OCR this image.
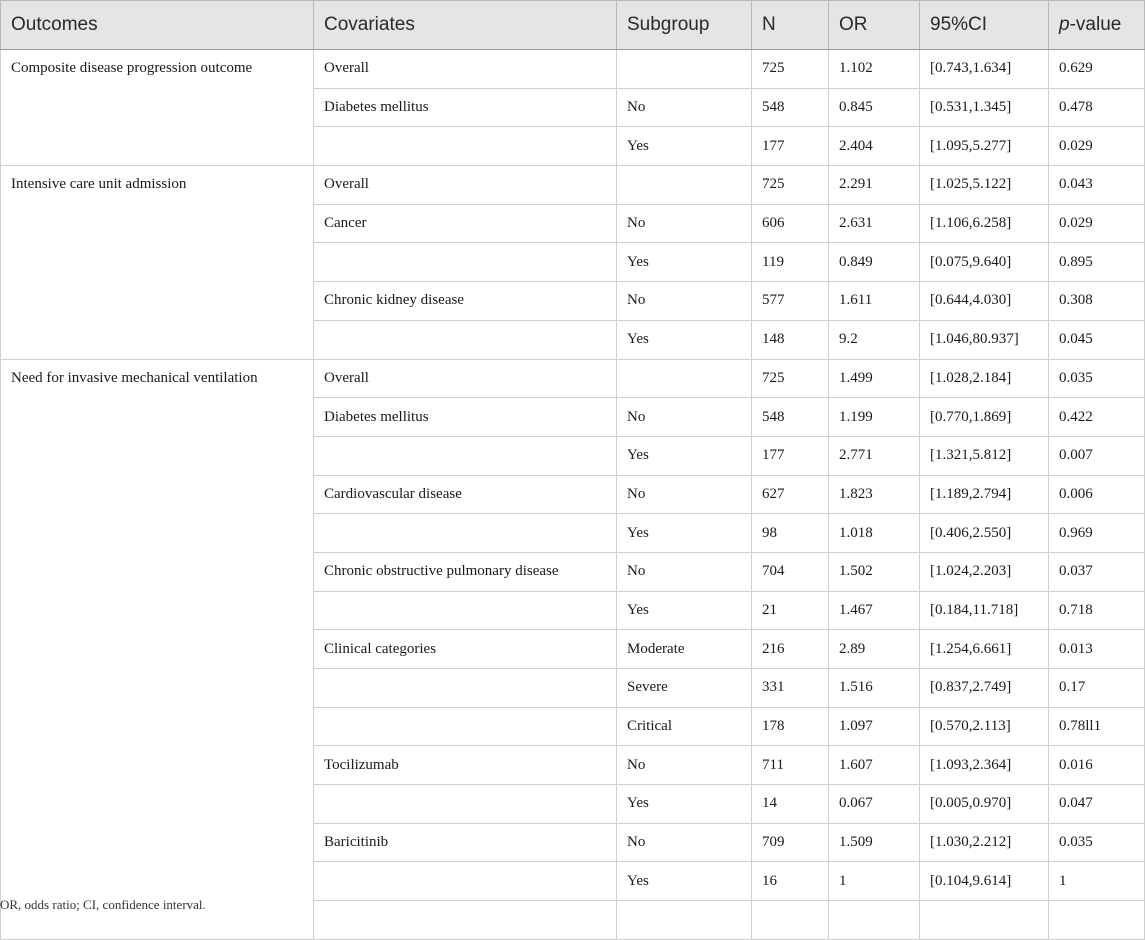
Outcomes	Covariates	Subgroup	N	OR	95%CI	p-value
Composite disease progression outcome	Overall		725	1.102	[0.743,1.634]	0.629
	Diabetes mellitus	No	548	0.845	[0.531,1.345]	0.478
		Yes	177	2.404	[1.095,5.277]	0.029
Intensive care unit admission	Overall		725	2.291	[1.025,5.122]	0.043
	Cancer	No	606	2.631	[1.106,6.258]	0.029
		Yes	119	0.849	[0.075,9.640]	0.895
	Chronic kidney disease	No	577	1.611	[0.644,4.030]	0.308
		Yes	148	9.2	[1.046,80.937]	0.045
Need for invasive mechanical ventilation	Overall		725	1.499	[1.028,2.184]	0.035
	Diabetes mellitus	No	548	1.199	[0.770,1.869]	0.422
		Yes	177	2.771	[1.321,5.812]	0.007
	Cardiovascular disease	No	627	1.823	[1.189,2.794]	0.006
		Yes	98	1.018	[0.406,2.550]	0.969
	Chronic obstructive pulmonary disease	No	704	1.502	[1.024,2.203]	0.037
		Yes	21	1.467	[0.184,11.718]	0.718
	Clinical categories	Moderate	216	2.89	[1.254,6.661]	0.013
		Severe	331	1.516	[0.837,2.749]	0.17
		Critical	178	1.097	[0.570,2.113]	0.78ll1
	Tocilizumab	No	711	1.607	[1.093,2.364]	0.016
		Yes	14	0.067	[0.005,0.970]	0.047
	Baricitinib	No	709	1.509	[1.030,2.212]	0.035
		Yes	16	1	[0.104,9.614]	1

OR, odds ratio; CI, confidence interval.
